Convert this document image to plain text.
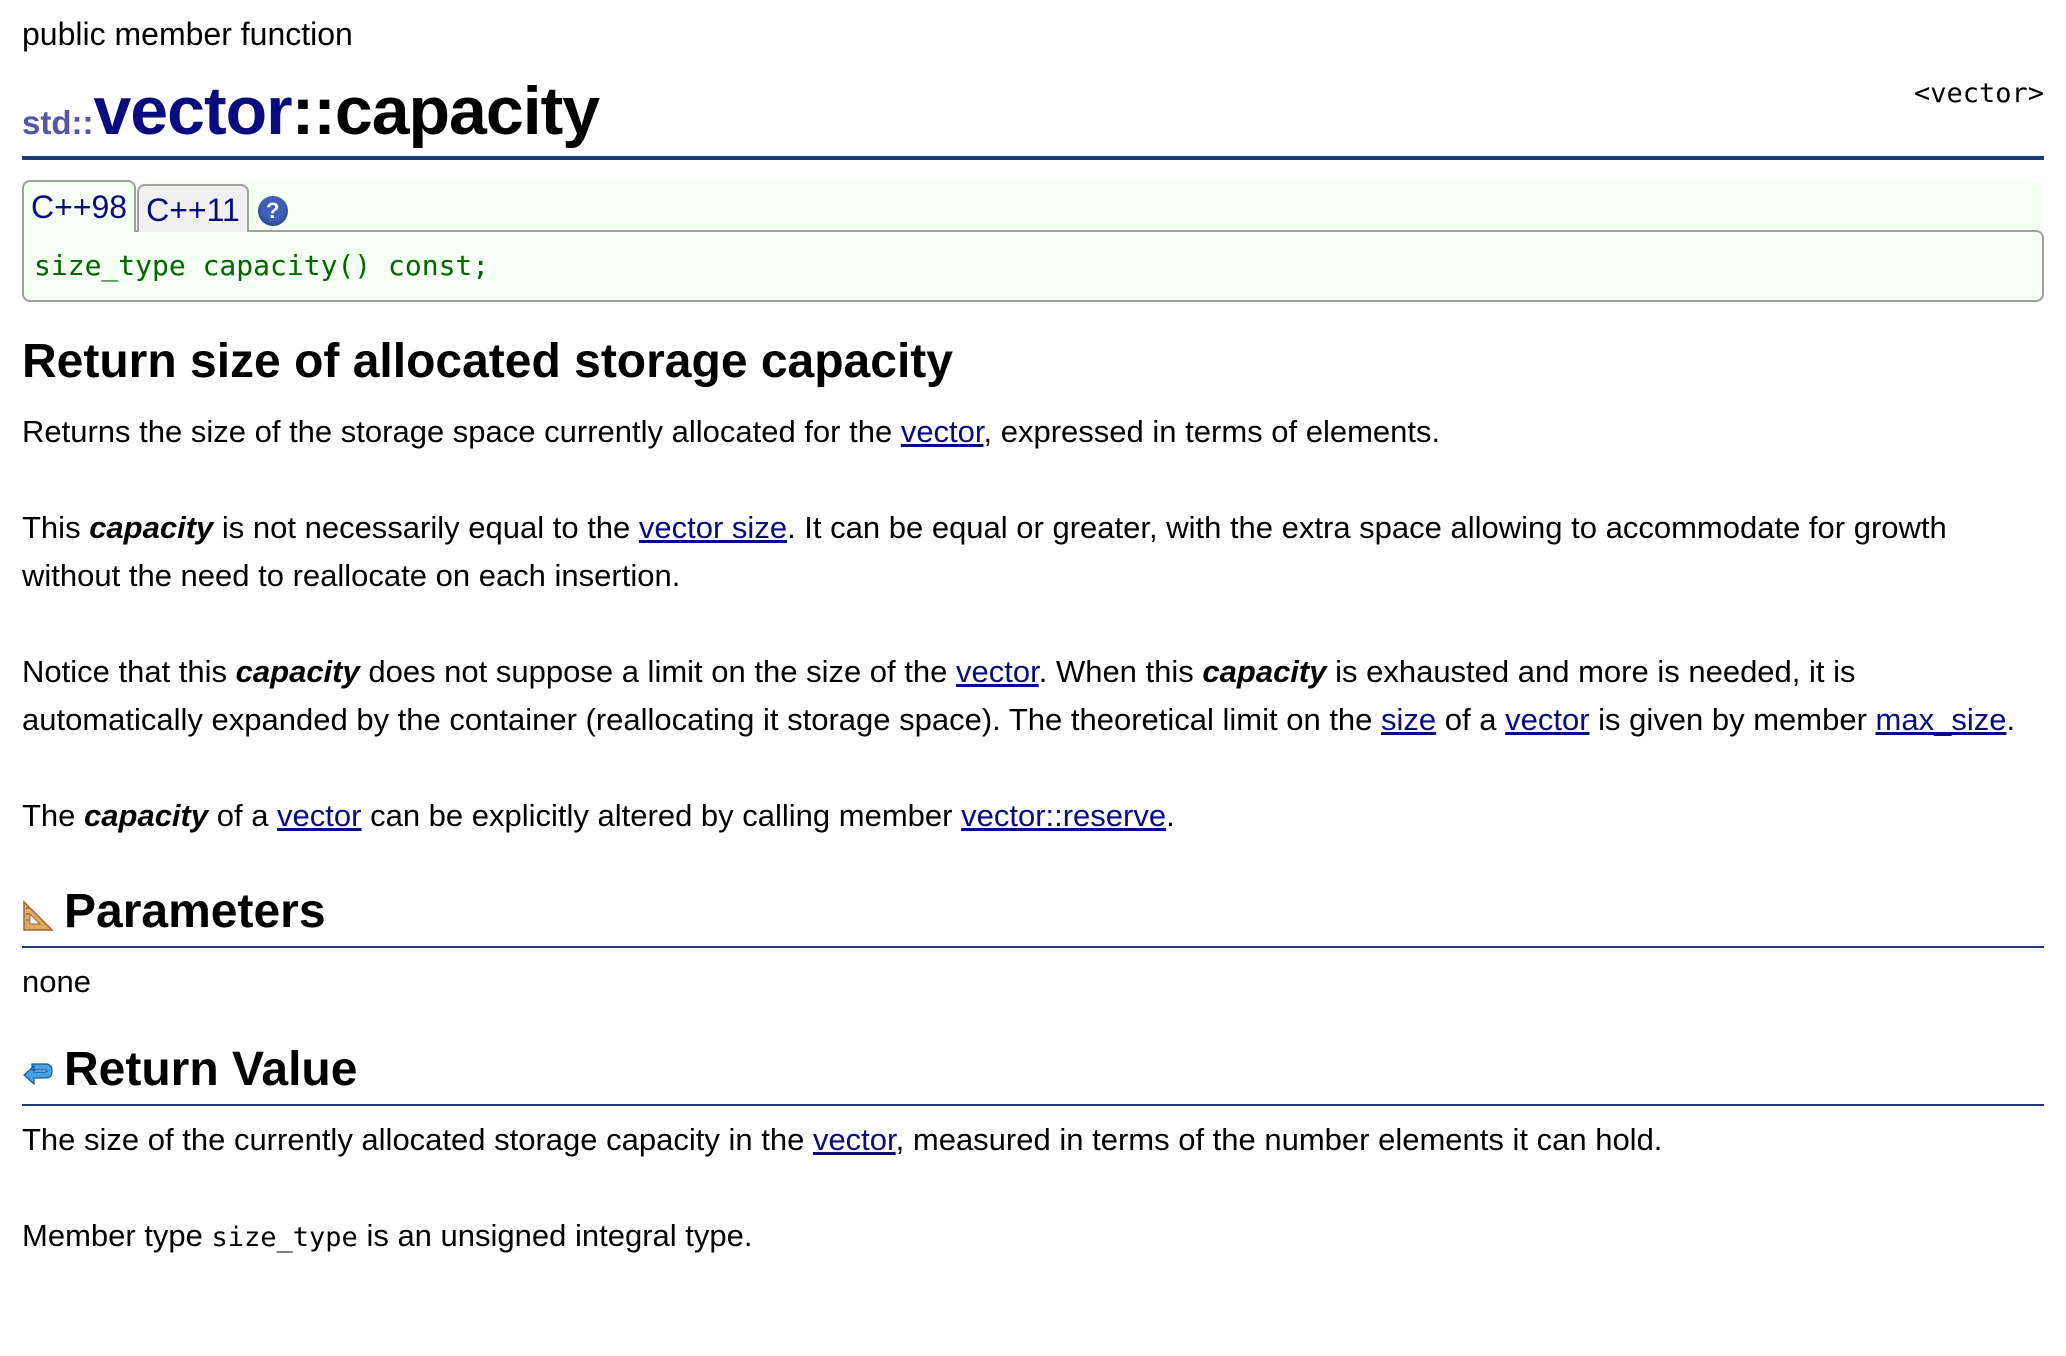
public member function
std::vector::capacity	<vector>
C++98 C++11	?
size_type capacity() const;
Return size of allocated storage capacity

Returns the size of the storage space currently allocated for the vector, expressed in terms of elements.

This capacity is not necessarily equal to the vector size. It can be equal or greater, with the extra space allowing to accommodate for growth without the need to reallocate on each insertion.

Notice that this capacity does not suppose a limit on the size of the vector. When this capacity is exhausted and more is needed, it is automatically expanded by the container (reallocating it storage space). The theoretical limit on the size of a vector is given by member max_size.

The capacity of a vector can be explicitly altered by calling member vector::reserve.

Parameters

none

Return Value

The size of the currently allocated storage capacity in the vector, measured in terms of the number elements it can hold.

Member type size_type is an unsigned integral type.
